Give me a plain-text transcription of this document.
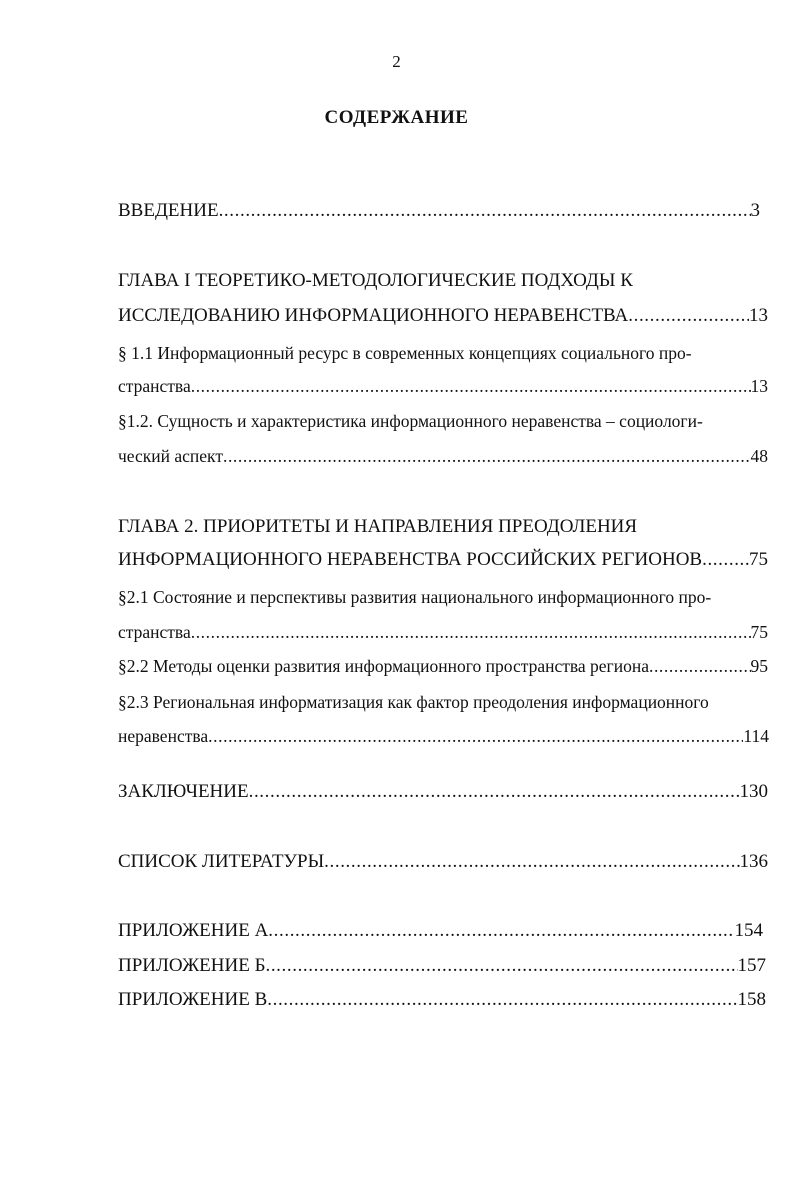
2
СОДЕРЖАНИЕ
ВВЕДЕНИЕ .....	3
ГЛАВА I ТЕОРЕТИКО-МЕТОДОЛОГИЧЕСКИЕ ПОДХОДЫ К
ИССЛЕДОВАНИЮ ИНФОРМАЦИОННОГО НЕРАВЕНСТВА .....	13
§ 1.1 Информационный ресурс в современных концепциях социального про-
странства .....	13
§1.2. Сущность и характеристика информационного неравенства – социологи-
ческий аспект .....	48
ГЛАВА 2. ПРИОРИТЕТЫ И НАПРАВЛЕНИЯ ПРЕОДОЛЕНИЯ
ИНФОРМАЦИОННОГО НЕРАВЕНСТВА РОССИЙСКИХ РЕГИОНОВ ..... 75
§2.1 Состояние и перспективы развития национального информационного про-
странства .....	75
§2.2 Методы оценки развития информационного пространства региона .....	95
§2.3 Региональная информатизация как фактор преодоления информационного
неравенства .....	114
ЗАКЛЮЧЕНИЕ .....	130
СПИСОК ЛИТЕРАТУРЫ .....	136
ПРИЛОЖЕНИЕ А .....	154
ПРИЛОЖЕНИЕ Б .....	157
ПРИЛОЖЕНИЕ В .....	158
